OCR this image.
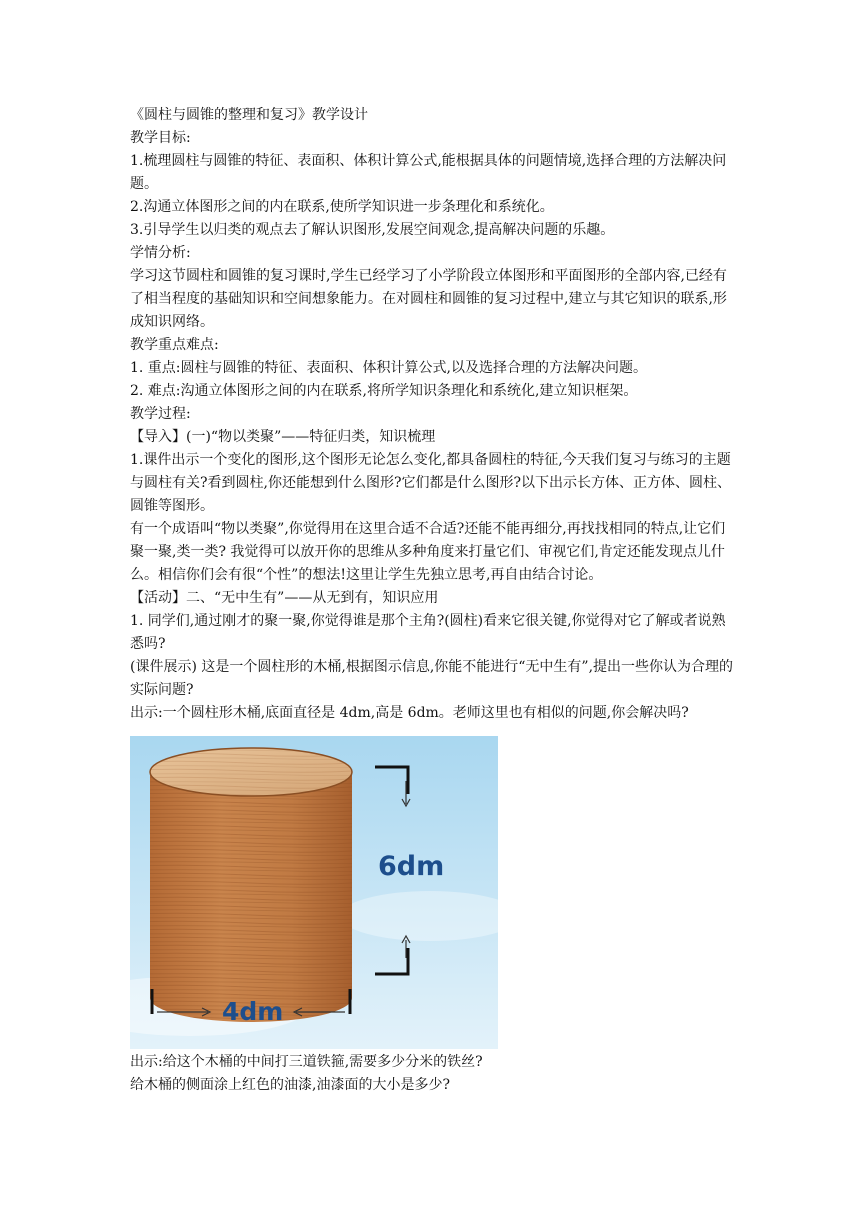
《圆柱与圆锥的整理和复习》教学设计
教学目标:
1.梳理圆柱与圆锥的特征、表面积、体积计算公式,能根据具体的问题情境,选择合理的方法解决问题。
2.沟通立体图形之间的内在联系,使所学知识进一步条理化和系统化。
3.引导学生以归类的观点去了解认识图形,发展空间观念,提高解决问题的乐趣。
学情分析:
学习这节圆柱和圆锥的复习课时,学生已经学习了小学阶段立体图形和平面图形的全部内容,已经有了相当程度的基础知识和空间想象能力。在对圆柱和圆锥的复习过程中,建立与其它知识的联系,形成知识网络。
教学重点难点:
1. 重点:圆柱与圆锥的特征、表面积、体积计算公式,以及选择合理的方法解决问题。
2. 难点:沟通立体图形之间的内在联系,将所学知识条理化和系统化,建立知识框架。
教学过程:
【导入】(一)“物以类聚”——特征归类，知识梳理
1.课件出示一个变化的图形,这个图形无论怎么变化,都具备圆柱的特征,今天我们复习与练习的主题与圆柱有关?看到圆柱,你还能想到什么图形?它们都是什么图形?以下出示长方体、正方体、圆柱、圆锥等图形。
有一个成语叫“物以类聚”,你觉得用在这里合适不合适?还能不能再细分,再找找相同的特点,让它们聚一聚,类一类? 我觉得可以放开你的思维从多种角度来打量它们、审视它们,肯定还能发现点儿什么。相信你们会有很“个性”的想法!这里让学生先独立思考,再自由结合讨论。
【活动】二、“无中生有”——从无到有，知识应用
1. 同学们,通过刚才的聚一聚,你觉得谁是那个主角?(圆柱)看来它很关键,你觉得对它了解或者说熟悉吗?
(课件展示) 这是一个圆柱形的木桶,根据图示信息,你能不能进行“无中生有”,提出一些你认为合理的实际问题?
出示:一个圆柱形木桶,底面直径是 4dm,高是 6dm。老师这里也有相似的问题,你会解决吗?
6dm
4dm
出示:给这个木桶的中间打三道铁箍,需要多少分米的铁丝?
给木桶的侧面涂上红色的油漆,油漆面的大小是多少?
